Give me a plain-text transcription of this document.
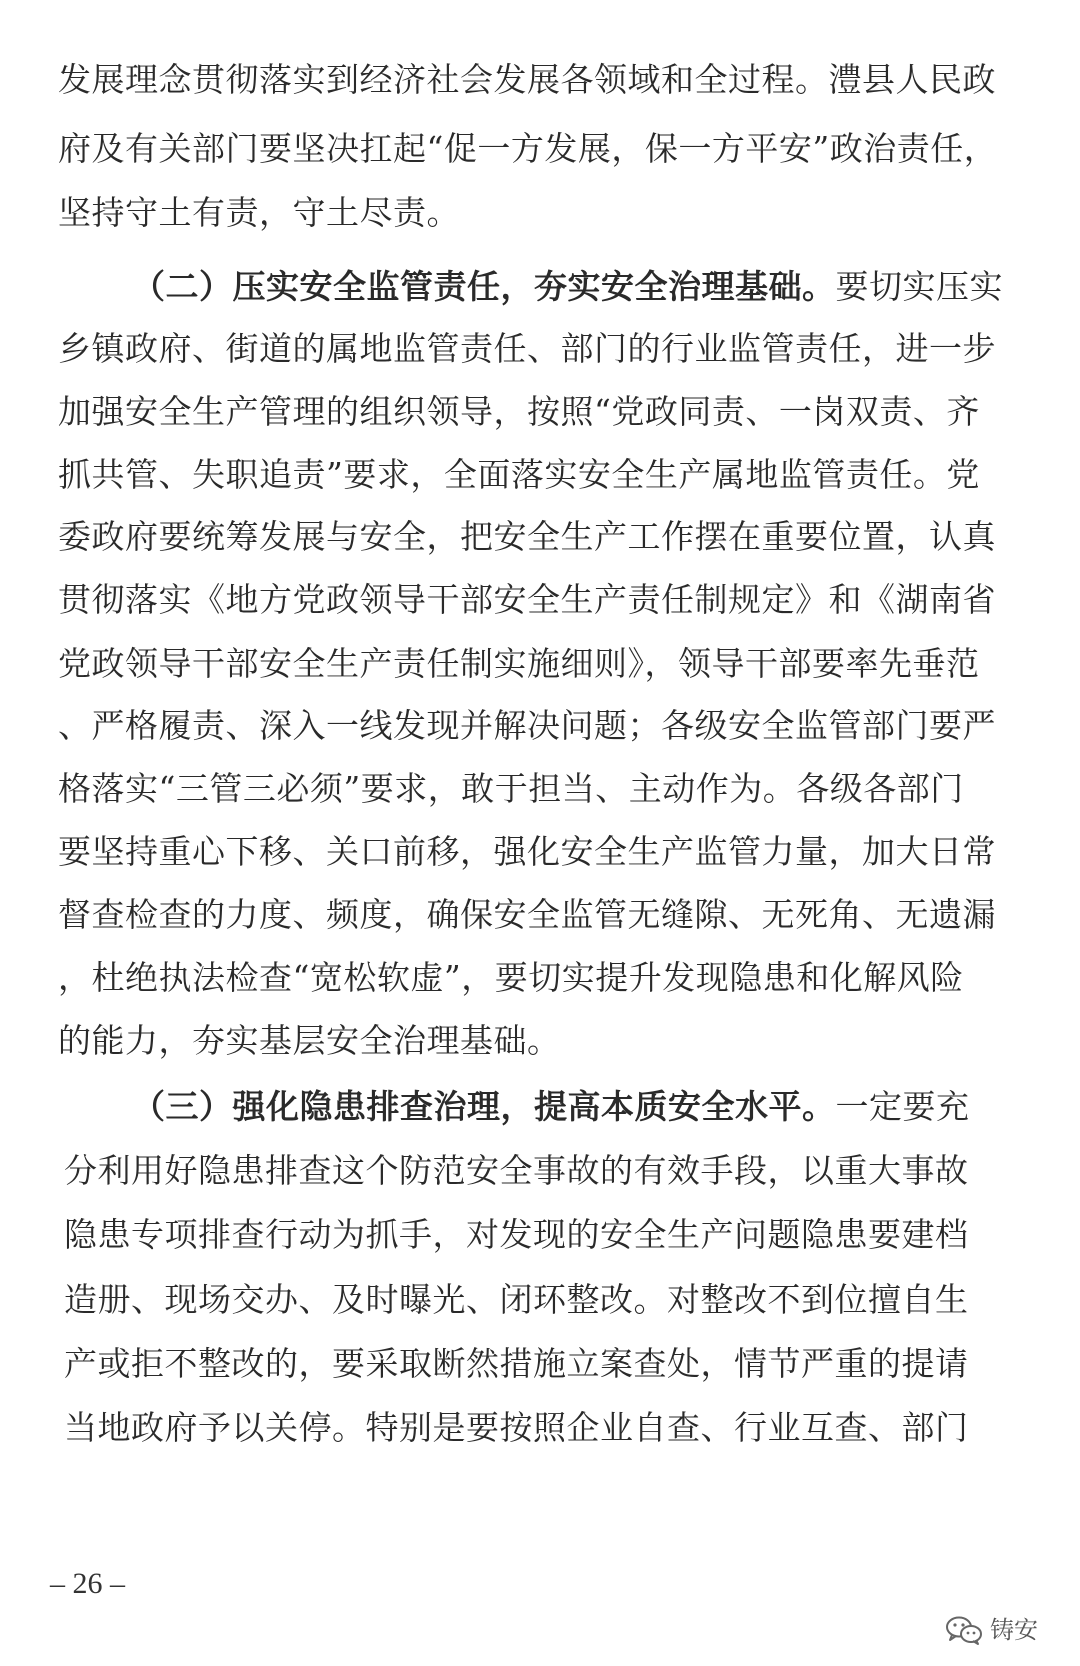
发展理念贯彻落实到经济社会发展各领域和全过程。澧县人民政
府及有关部门要坚决扛起“促一方发展，保一方平安”政治责任，
坚持守土有责，守土尽责。
（二）压实安全监管责任，夯实安全治理基础。要切实压实
乡镇政府、街道的属地监管责任、部门的行业监管责任，进一步
加强安全生产管理的组织领导，按照“党政同责、一岗双责、齐
抓共管、失职追责”要求，全面落实安全生产属地监管责任。党
委政府要统筹发展与安全，把安全生产工作摆在重要位置，认真
贯彻落实《地方党政领导干部安全生产责任制规定》和《湖南省
党政领导干部安全生产责任制实施细则》，领导干部要率先垂范
、严格履责、深入一线发现并解决问题；各级安全监管部门要严
格落实“三管三必须”要求，敢于担当、主动作为。各级各部门
要坚持重心下移、关口前移，强化安全生产监管力量，加大日常
督查检查的力度、频度，确保安全监管无缝隙、无死角、无遗漏
，杜绝执法检查“宽松软虚”，要切实提升发现隐患和化解风险
的能力，夯实基层安全治理基础。
（三）强化隐患排查治理，提高本质安全水平。一定要充
分利用好隐患排查这个防范安全事故的有效手段，以重大事故
隐患专项排查行动为抓手，对发现的安全生产问题隐患要建档
造册、现场交办、及时曝光、闭环整改。对整改不到位擅自生
产或拒不整改的，要采取断然措施立案查处，情节严重的提请
当地政府予以关停。特别是要按照企业自查、行业互查、部门
– 26 –
铸安
